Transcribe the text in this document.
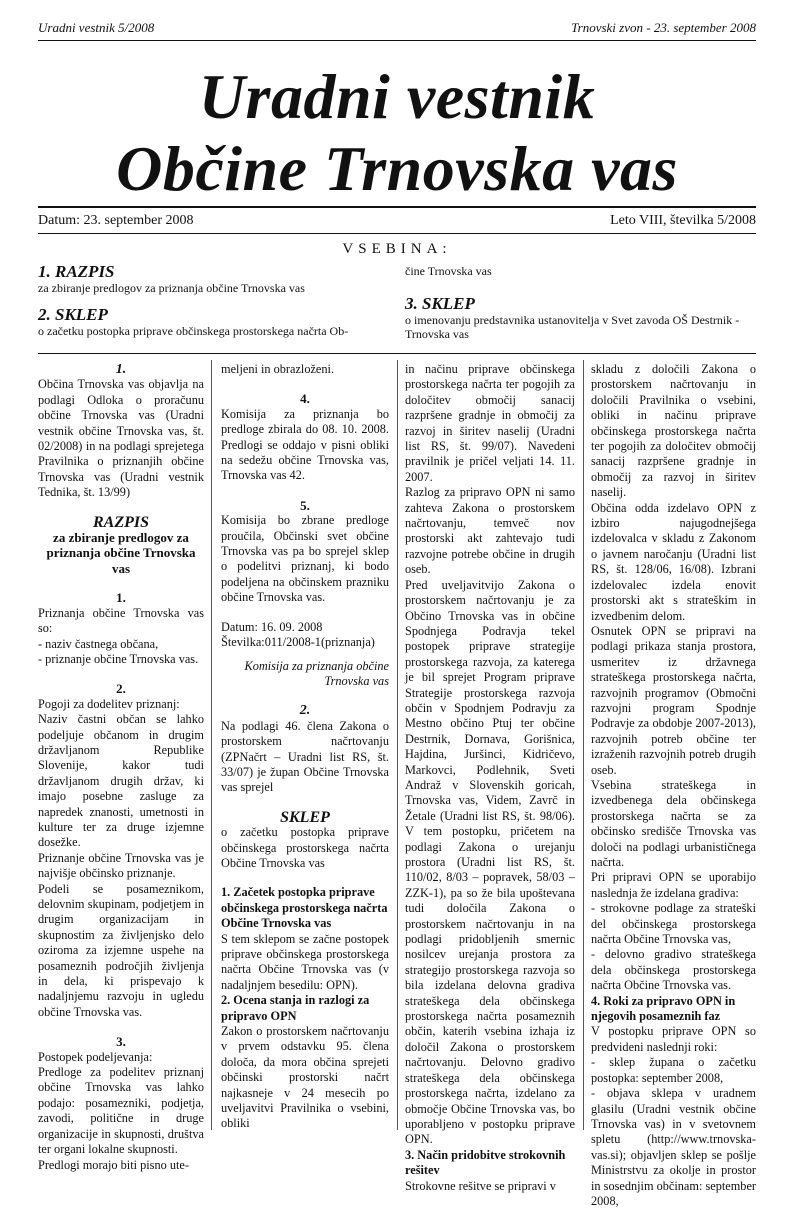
Uradni vestnik 5/2008	Trnovski zvon - 23. september 2008
Uradni vestnik
Občine Trnovska vas
Datum: 23. september 2008	Leto VIII, številka 5/2008
VSEBINA:
1. RAZPIS
za zbiranje predlogov za priznanja občine Trnovska vas
2. SKLEP
o začetku postopka priprave občinskega prostorskega načrta Ob-
čine Trnovska vas
3. SKLEP
o imenovanju predstavnika ustanovitelja v Svet zavoda OŠ Destrnik - Trnovska vas

1.

Občina Trnovska vas objavlja na podlagi Odloka o proračunu občine Trnovska vas (Uradni vestnik občine Trnovska vas, št. 02/2008) in na podlagi sprejetega Pravilnika o priznanjih občine Trnovska vas (Uradni vestnik Tednika, št. 13/99)

RAZPIS

za zbiranje predlogov za priznanja občine Trnovska vas

1.

Priznanja občine Trnovska vas so:

- naziv častnega občana,

- priznanje občine Trnovska vas.

2.

Pogoji za dodelitev priznanj:

Naziv častni občan se lahko podeljuje občanom in drugim državljanom Republike Slovenije, kakor tudi državljanom drugih držav, ki imajo posebne zasluge za napredek znanosti, umetnosti in kulture ter za druge izjemne dosežke.

Priznanje občine Trnovska vas je najvišje občinsko priznanje.

Podeli se posameznikom, delovnim skupinam, podjetjem in drugim organizacijam in skupnostim za življenjsko delo oziroma za izjemne uspehe na posameznih področjih življenja in dela, ki prispevajo k nadaljnjemu razvoju in ugledu občine Trnovska vas.

3.

Postopek podeljevanja:

Predloge za podelitev priznanj občine Trnovska vas lahko podajo: posamezniki, podjetja, zavodi, politične in druge organizacije in skupnosti, društva ter organi lokalne skupnosti.

Predlogi morajo biti pisno ute-

meljeni in obrazloženi.

4.

Komisija za priznanja bo predloge zbirala do 08. 10. 2008. Predlogi se oddajo v pisni obliki na sedežu občine Trnovska vas, Trnovska vas 42.

5.

Komisija bo zbrane predloge proučila, Občinski svet občine Trnovska vas pa bo sprejel sklep o podelitvi priznanj, ki bodo podeljena na občinskem prazniku občine Trnovska vas.

Datum: 16. 09. 2008

Številka:011/2008-1(priznanja)

Komisija za priznanja občine

Trnovska vas

2.

Na podlagi 46. člena Zakona o prostorskem načrtovanju (ZPNačrt – Uradni list RS, št. 33/07) je župan Občine Trnovska vas sprejel

SKLEP

o začetku postopka priprave občinskega prostorskega načrta Občine Trnovska vas

1. Začetek postopka priprave občinskega prostorskega načrta Občine Trnovska vas

S tem sklepom se začne postopek priprave občinskega prostorskega načrta Občine Trnovska vas (v nadaljnjem besedilu: OPN).

2. Ocena stanja in razlogi za pripravo OPN

Zakon o prostorskem načrtovanju v prvem odstavku 95. člena določa, da mora občina sprejeti občinski prostorski načrt najkasneje v 24 mesecih po uveljavitvi Pravilnika o vsebini, obliki

in načinu priprave občinskega prostorskega načrta ter pogojih za določitev območij sanacij razpršene gradnje in območij za razvoj in širitev naselij (Uradni list RS, št. 99/07). Navedeni pravilnik je pričel veljati 14. 11. 2007.

Razlog za pripravo OPN ni samo zahteva Zakona o prostorskem načrtovanju, temveč nov prostorski akt zahtevajo tudi razvojne potrebe občine in drugih oseb.

Pred uveljavitvijo Zakona o prostorskem načrtovanju je za Občino Trnovska vas in občine Spodnjega Podravja tekel postopek priprave strategije prostorskega razvoja, za katerega je bil sprejet Program priprave Strategije prostorskega razvoja občin v Spodnjem Podravju za Mestno občino Ptuj ter občine Destrnik, Dornava, Gorišnica, Hajdina, Juršinci, Kidričevo, Markovci, Podlehnik, Sveti Andraž v Slovenskih goricah, Trnovska vas, Videm, Zavrč in Žetale (Uradni list RS, št. 98/06). V tem postopku, pričetem na podlagi Zakona o urejanju prostora (Uradni list RS, št. 110/02, 8/03 – popravek, 58/03 – ZZK-1), pa so že bila upoštevana tudi določila Zakona o prostorskem načrtovanju in na podlagi pridobljenih smernic nosilcev urejanja prostora za strategijo prostorskega razvoja so bila izdelana delovna gradiva strateškega dela občinskega prostorskega načrta posameznih občin, katerih vsebina izhaja iz določil Zakona o prostorskem načrtovanju. Delovno gradivo strateškega dela občinskega prostorskega načrta, izdelano za območje Občine Trnovska vas, bo uporabljeno v postopku priprave OPN.

3. Način pridobitve strokovnih rešitev

Strokovne rešitve se pripravi v

skladu z določili Zakona o prostorskem načrtovanju in določili Pravilnika o vsebini, obliki in načinu priprave občinskega prostorskega načrta ter pogojih za določitev območij sanacij razpršene gradnje in območij za razvoj in širitev naselij.

Občina odda izdelavo OPN z izbiro najugodnejšega izdelovalca v skladu z Zakonom o javnem naročanju (Uradni list RS, št. 128/06, 16/08). Izbrani izdelovalec izdela enovit prostorski akt s strateškim in izvedbenim delom.

Osnutek OPN se pripravi na podlagi prikaza stanja prostora, usmeritev iz državnega strateškega prostorskega načrta, razvojnih programov (Območni razvojni program Spodnje Podravje za obdobje 2007-2013), razvojnih potreb občine ter izraženih razvojnih potreb drugih oseb.

Vsebina strateškega in izvedbenega dela občinskega prostorskega načrta se za občinsko središče Trnovska vas določi na podlagi urbanističnega načrta.

Pri pripravi OPN se uporabijo naslednja že izdelana gradiva:

- strokovne podlage za strateški del občinskega prostorskega načrta Občine Trnovska vas,

- delovno gradivo strateškega dela občinskega prostorskega načrta Občine Trnovska vas.

4. Roki za pripravo OPN in njegovih posameznih faz

V postopku priprave OPN so predvideni naslednji roki:

- sklep župana o začetku postopka: september 2008,

- objava sklepa v uradnem glasilu (Uradni vestnik občine Trnovska vas) in v svetovnem spletu (http://www.trnovska-vas.si); objavljen sklep se pošlje Ministrstvu za okolje in prostor in sosednjim občinam: september 2008,
